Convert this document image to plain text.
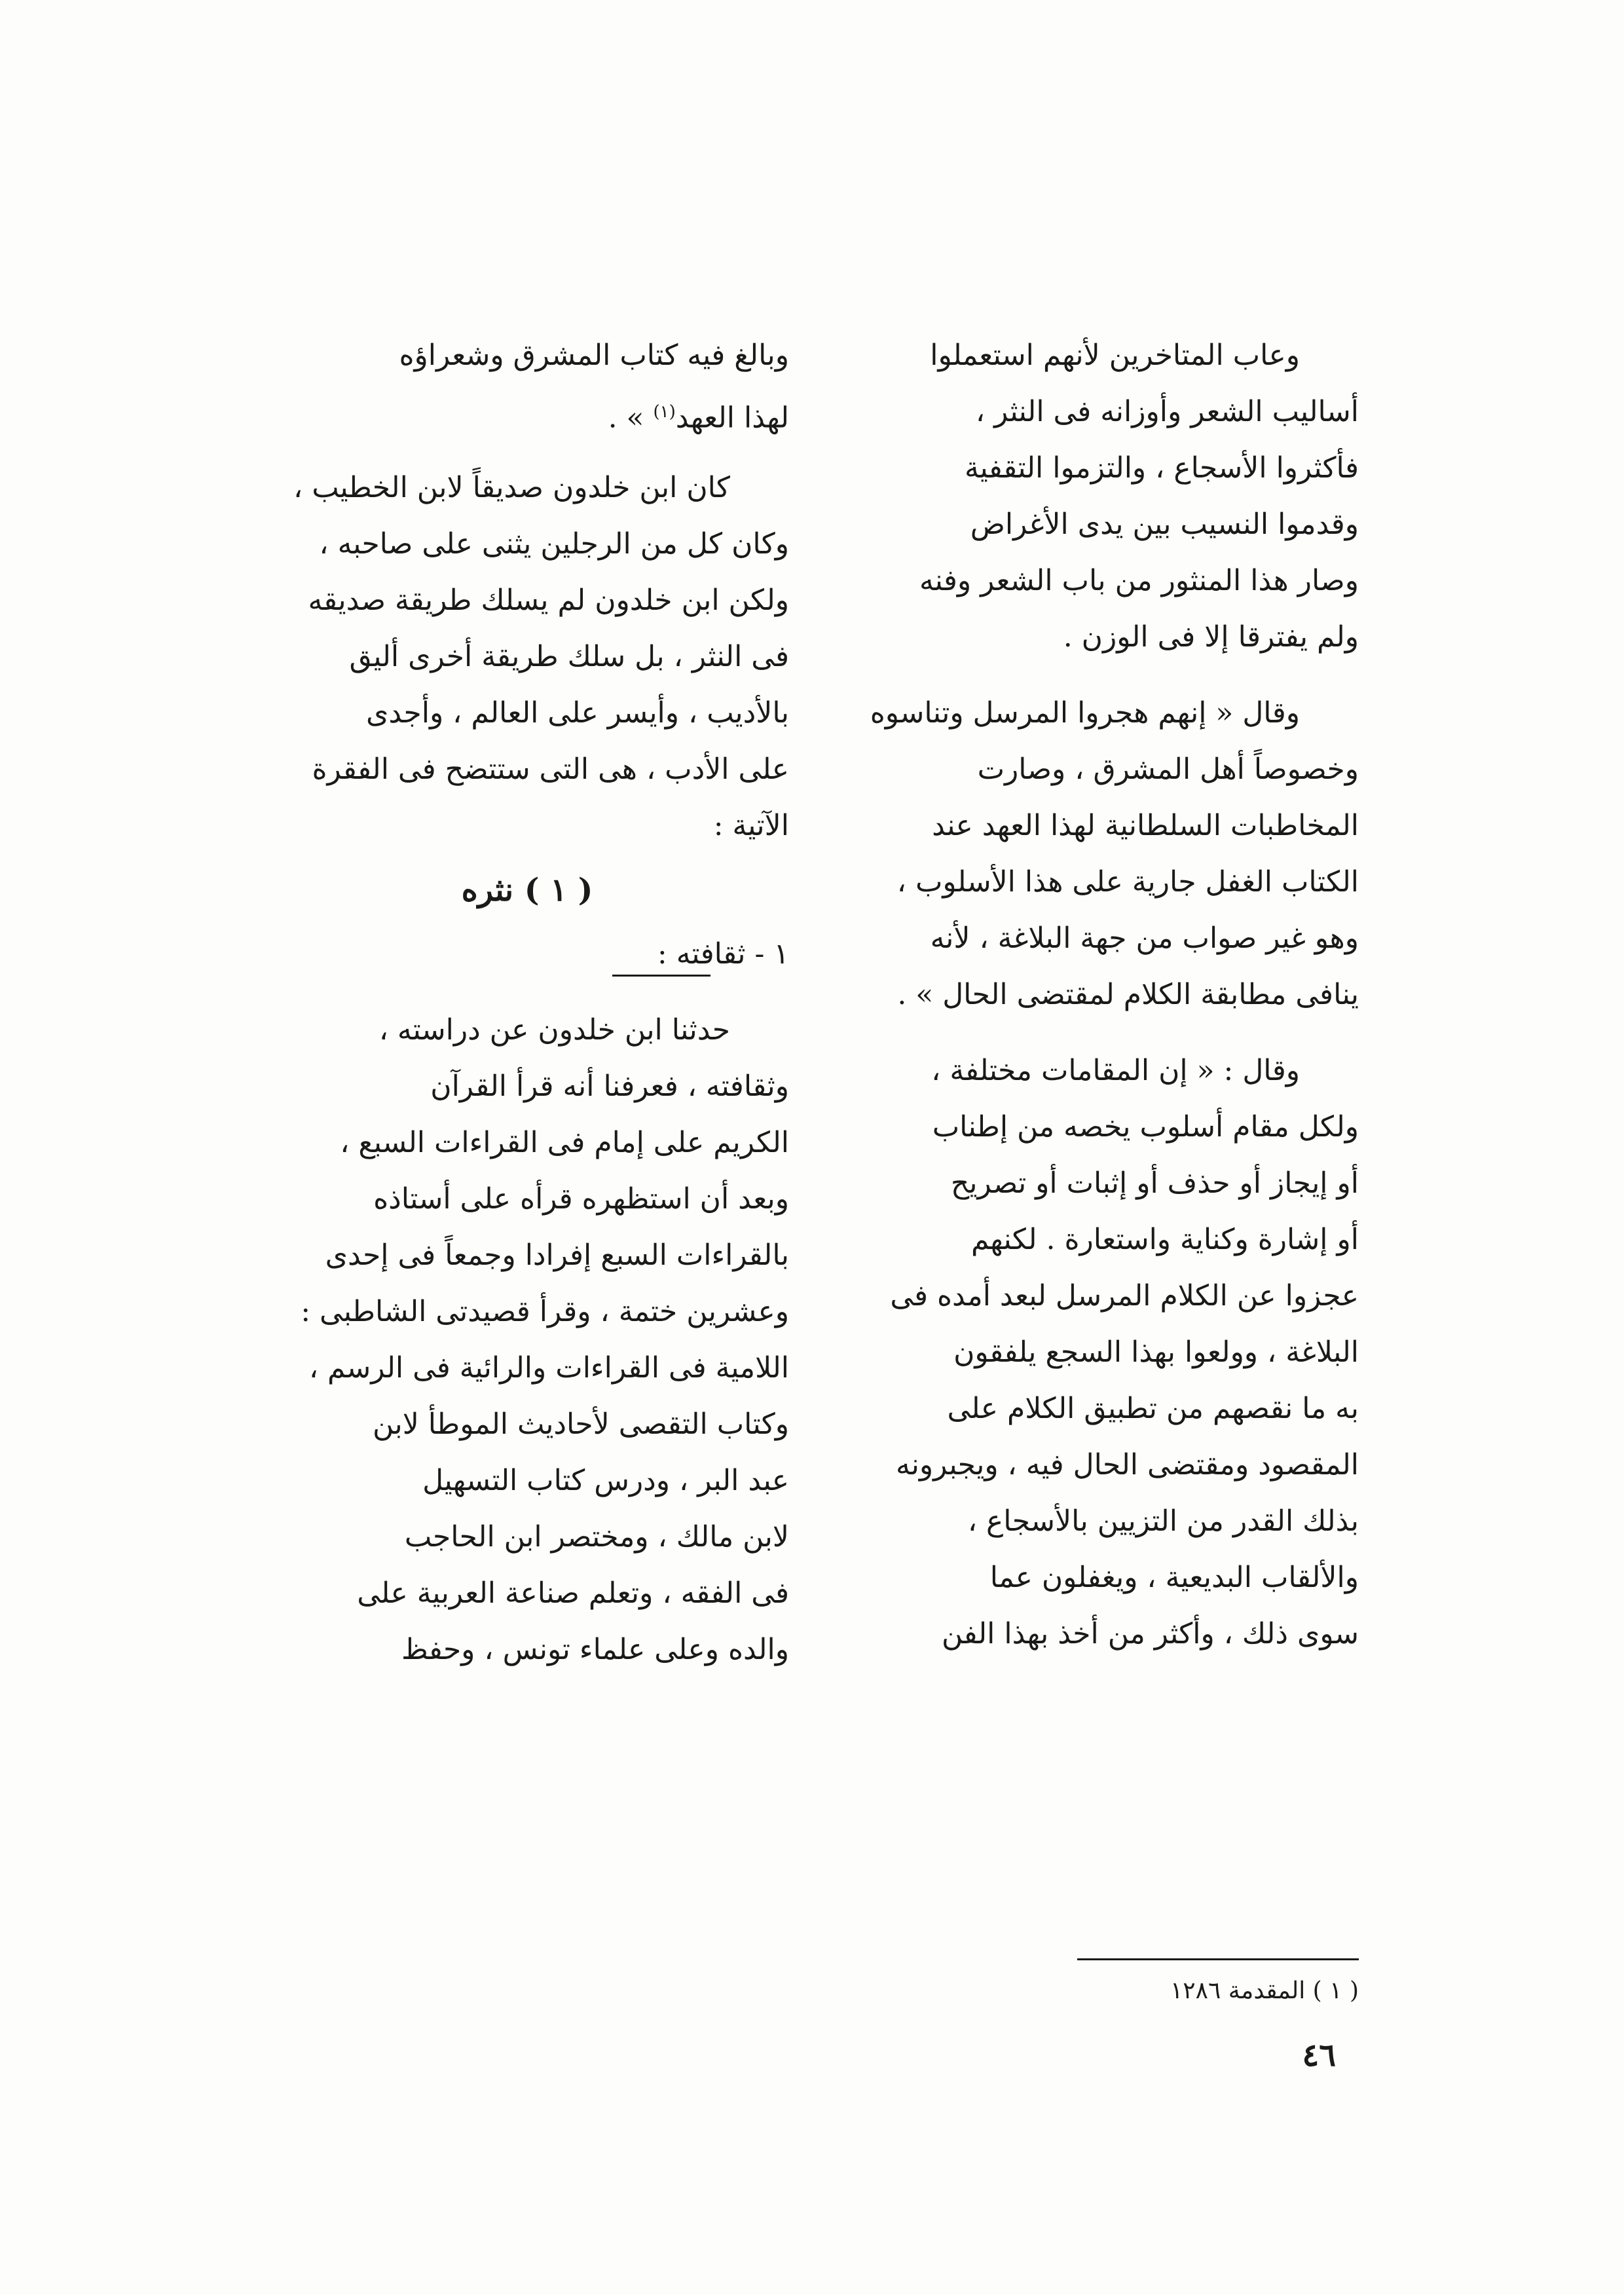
وعاب المتاخرين لأنهم استعملوا
أساليب الشعر وأوزانه فى النثر ،
فأكثروا الأسجاع ، والتزموا التقفية
وقدموا النسيب بين يدى الأغراض
وصار هذا المنثور من باب الشعر وفنه
ولم يفترقا إلا فى الوزن .
وقال « إنهم هجروا المرسل وتناسوه
وخصوصاً أهل المشرق ، وصارت
المخاطبات السلطانية لهذا العهد عند
الكتاب الغفل جارية على هذا الأسلوب ،
وهو غير صواب من جهة البلاغة ، لأنه
ينافى مطابقة الكلام لمقتضى الحال » .
وقال : « إن المقامات مختلفة ،
ولكل مقام أسلوب يخصه من إطناب
أو إيجاز أو حذف أو إثبات أو تصريح
أو إشارة وكناية واستعارة . لكنهم
عجزوا عن الكلام المرسل لبعد أمده فى
البلاغة ، وولعوا بهذا السجع يلفقون
به ما نقصهم من تطبيق الكلام على
المقصود ومقتضى الحال فيه ، ويجبرونه
بذلك القدر من التزيين بالأسجاع ،
والألقاب البديعية ، ويغفلون عما
سوى ذلك ، وأكثر من أخذ بهذا الفن
وبالغ فيه كتاب المشرق وشعراؤه
لهذا العهد$^{(١)}$ » .
كان ابن خلدون صديقاً لابن الخطيب ،
وكان كل من الرجلين يثنى على صاحبه ،
ولكن ابن خلدون لم يسلك طريقة صديقه
فى النثر ، بل سلك طريقة أخرى أليق
بالأديب ، وأيسر على العالم ، وأجدى
على الأدب ، هى التى ستتضح فى الفقرة
الآتية :
( ١ ) نثره
١ - ثقافته :
حدثنا ابن خلدون عن دراسته ،
وثقافته ، فعرفنا أنه قرأ القرآن
الكريم على إمام فى القراءات السبع ،
وبعد أن استظهره قرأه على أستاذه
بالقراءات السبع إفرادا وجمعاً فى إحدى
وعشرين ختمة ، وقرأ قصيدتى الشاطبى :
اللامية فى القراءات والرائية فى الرسم ،
وكتاب التقصى لأحاديث الموطأ لابن
عبد البر ، ودرس كتاب التسهيل
لابن مالك ، ومختصر ابن الحاجب
فى الفقه ، وتعلم صناعة العربية على
والده وعلى علماء تونس ، وحفظ
( ١ ) المقدمة ١٢٨٦
٤٦
